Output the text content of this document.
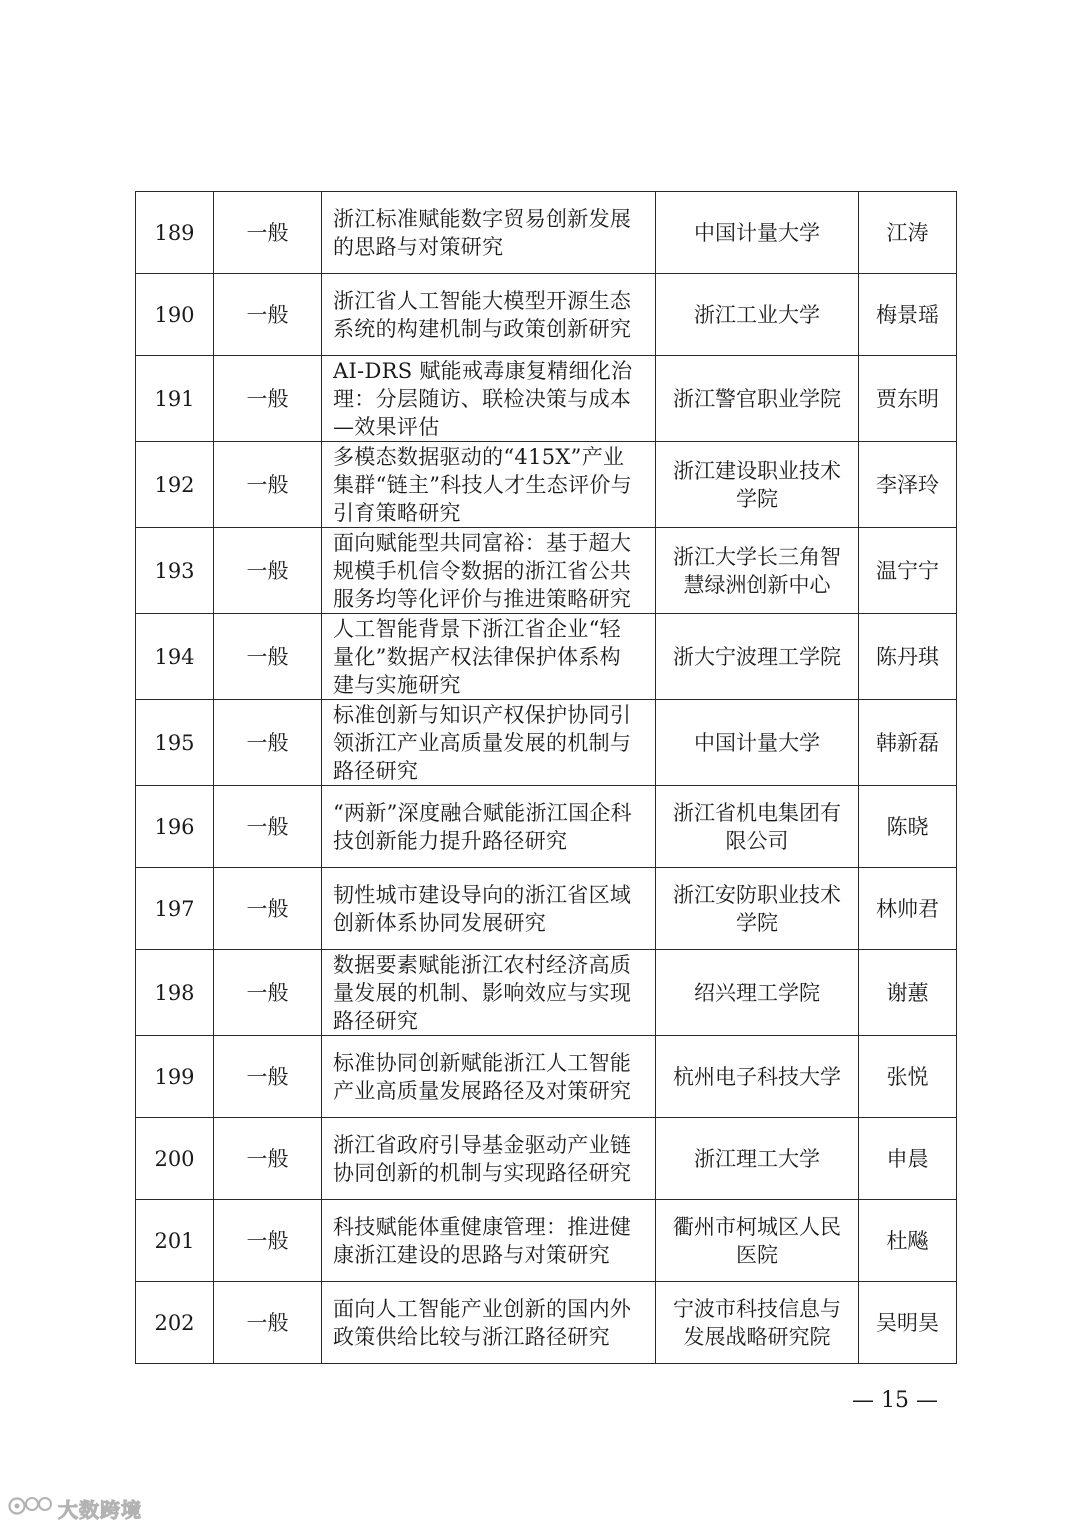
189	一般	浙江标准赋能数字贸易创新发展的思路与对策研究	中国计量大学	江涛
190	一般	浙江省人工智能大模型开源生态系统的构建机制与政策创新研究	浙江工业大学	梅景瑶
191	一般	AI-DRS 赋能戒毒康复精细化治理：分层随访、联检决策与成本—效果评估	浙江警官职业学院	贾东明
192	一般	多模态数据驱动的“415X”产业集群“链主”科技人才生态评价与引育策略研究	浙江建设职业技术学院	李泽玲
193	一般	面向赋能型共同富裕：基于超大规模手机信令数据的浙江省公共服务均等化评价与推进策略研究	浙江大学长三角智慧绿洲创新中心	温宁宁
194	一般	人工智能背景下浙江省企业“轻量化”数据产权法律保护体系构建与实施研究	浙大宁波理工学院	陈丹琪
195	一般	标准创新与知识产权保护协同引领浙江产业高质量发展的机制与路径研究	中国计量大学	韩新磊
196	一般	“两新”深度融合赋能浙江国企科技创新能力提升路径研究	浙江省机电集团有限公司	陈晓
197	一般	韧性城市建设导向的浙江省区域创新体系协同发展研究	浙江安防职业技术学院	林帅君
198	一般	数据要素赋能浙江农村经济高质量发展的机制、影响效应与实现路径研究	绍兴理工学院	谢蕙
199	一般	标准协同创新赋能浙江人工智能产业高质量发展路径及对策研究	杭州电子科技大学	张悦
200	一般	浙江省政府引导基金驱动产业链协同创新的机制与实现路径研究	浙江理工大学	申晨
201	一般	科技赋能体重健康管理：推进健康浙江建设的思路与对策研究	衢州市柯城区人民医院	杜飚
202	一般	面向人工智能产业创新的国内外政策供给比较与浙江路径研究	宁波市科技信息与发展战略研究院	吴明昊
— 15 —
大数跨境
